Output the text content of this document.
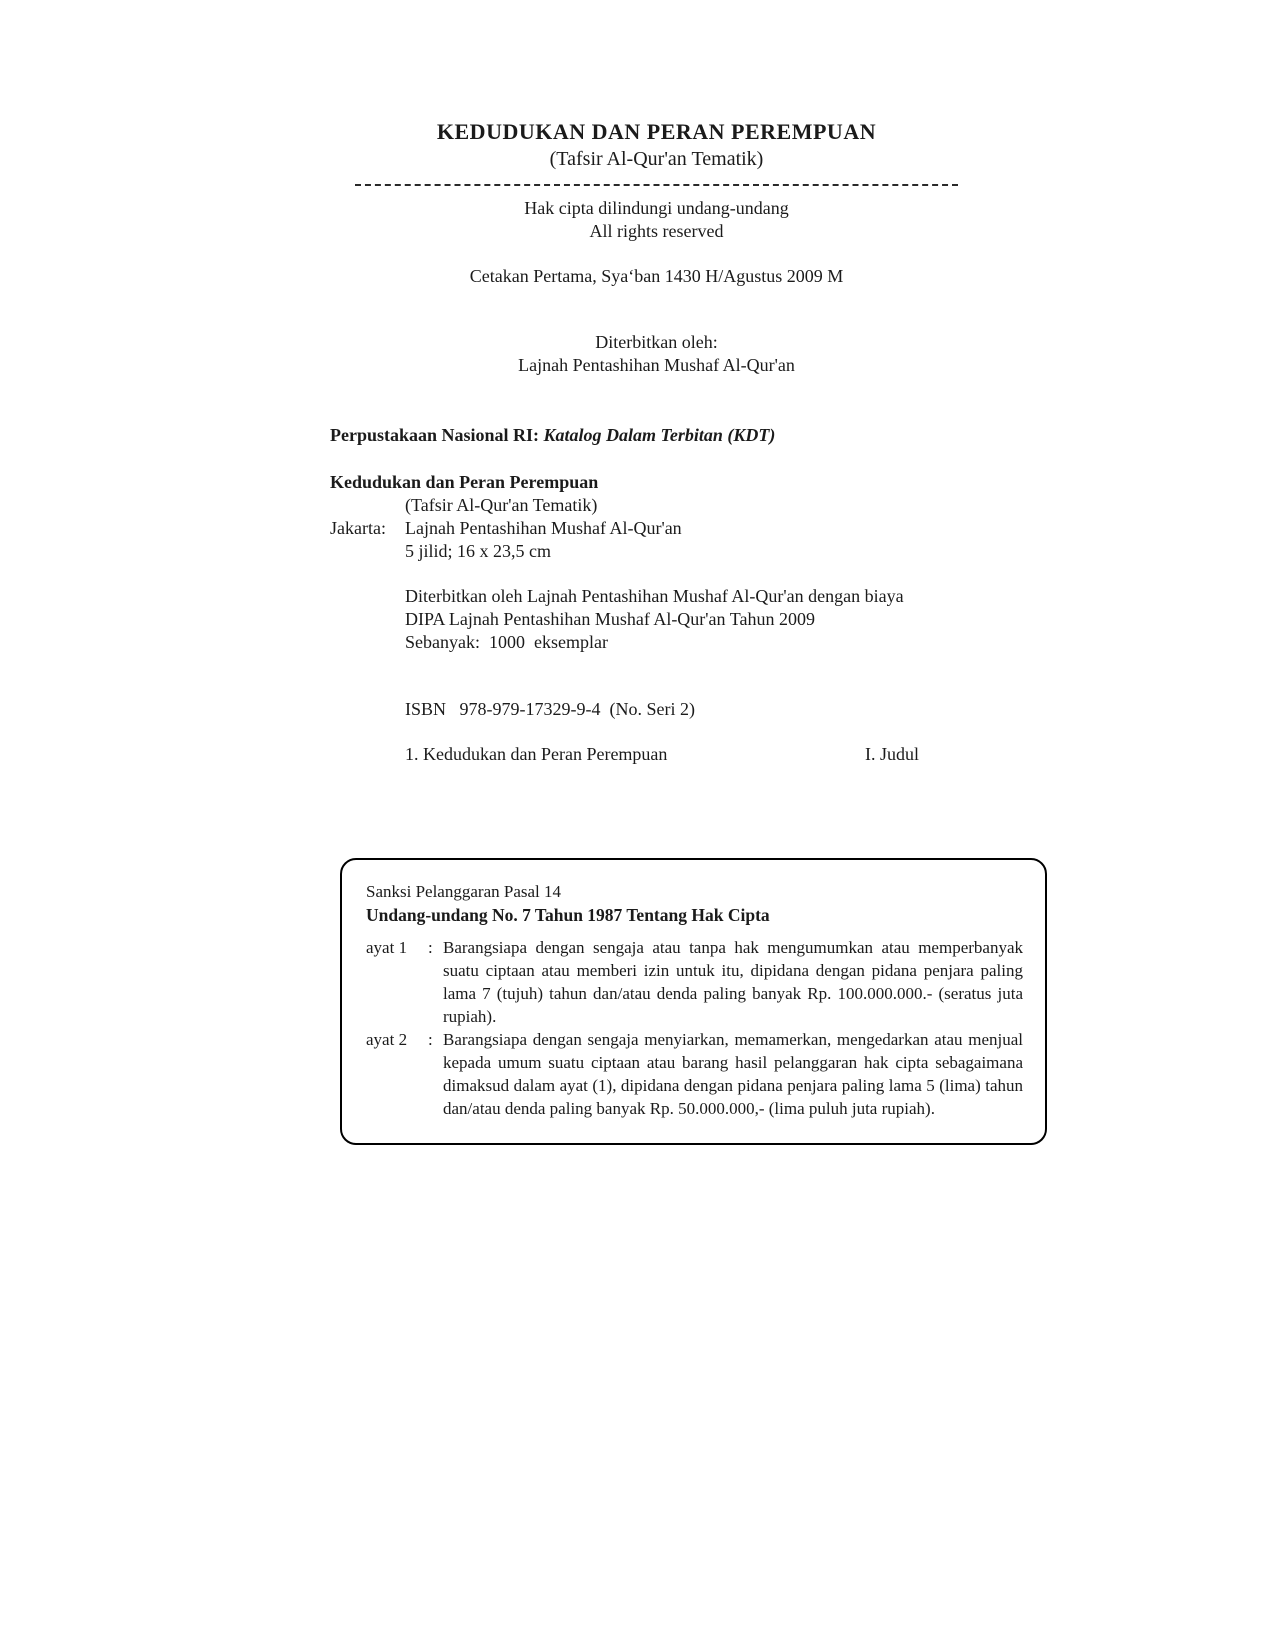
KEDUDUKAN DAN PERAN PEREMPUAN
(Tafsir Al-Qur'an Tematik)
Hak cipta dilindungi undang-undang
All rights reserved
Cetakan Pertama, Sya‘ban 1430 H/Agustus 2009 M
Diterbitkan oleh:
Lajnah Pentashihan Mushaf Al-Qur'an
Perpustakaan Nasional RI: Katalog Dalam Terbitan (KDT)
Kedudukan dan Peran Perempuan
(Tafsir Al-Qur'an Tematik)
Jakarta: Lajnah Pentashihan Mushaf Al-Qur'an
5 jilid; 16 x 23,5 cm
Diterbitkan oleh Lajnah Pentashihan Mushaf Al-Qur'an dengan biaya
DIPA Lajnah Pentashihan Mushaf Al-Qur'an Tahun 2009
Sebanyak:  1000  eksemplar
ISBN   978-979-17329-9-4  (No. Seri 2)
1. Kedudukan dan Peran Perempuan	I. Judul
Sanksi Pelanggaran Pasal 14
Undang-undang No. 7 Tahun 1987 Tentang Hak Cipta
ayat 1	: Barangsiapa dengan sengaja atau tanpa hak mengumumkan atau memperbanyak suatu ciptaan atau memberi izin untuk itu, dipidana dengan pidana penjara paling lama 7 (tujuh) tahun dan/atau denda paling banyak Rp. 100.000.000.- (seratus juta rupiah).
ayat 2	: Barangsiapa dengan sengaja menyiarkan, memamerkan, mengedarkan atau menjual kepada umum suatu ciptaan atau barang hasil pelanggaran hak cipta sebagaimana dimaksud dalam ayat (1), dipidana dengan pidana penjara paling lama 5 (lima) tahun dan/atau denda paling banyak Rp. 50.000.000,- (lima puluh juta rupiah).
